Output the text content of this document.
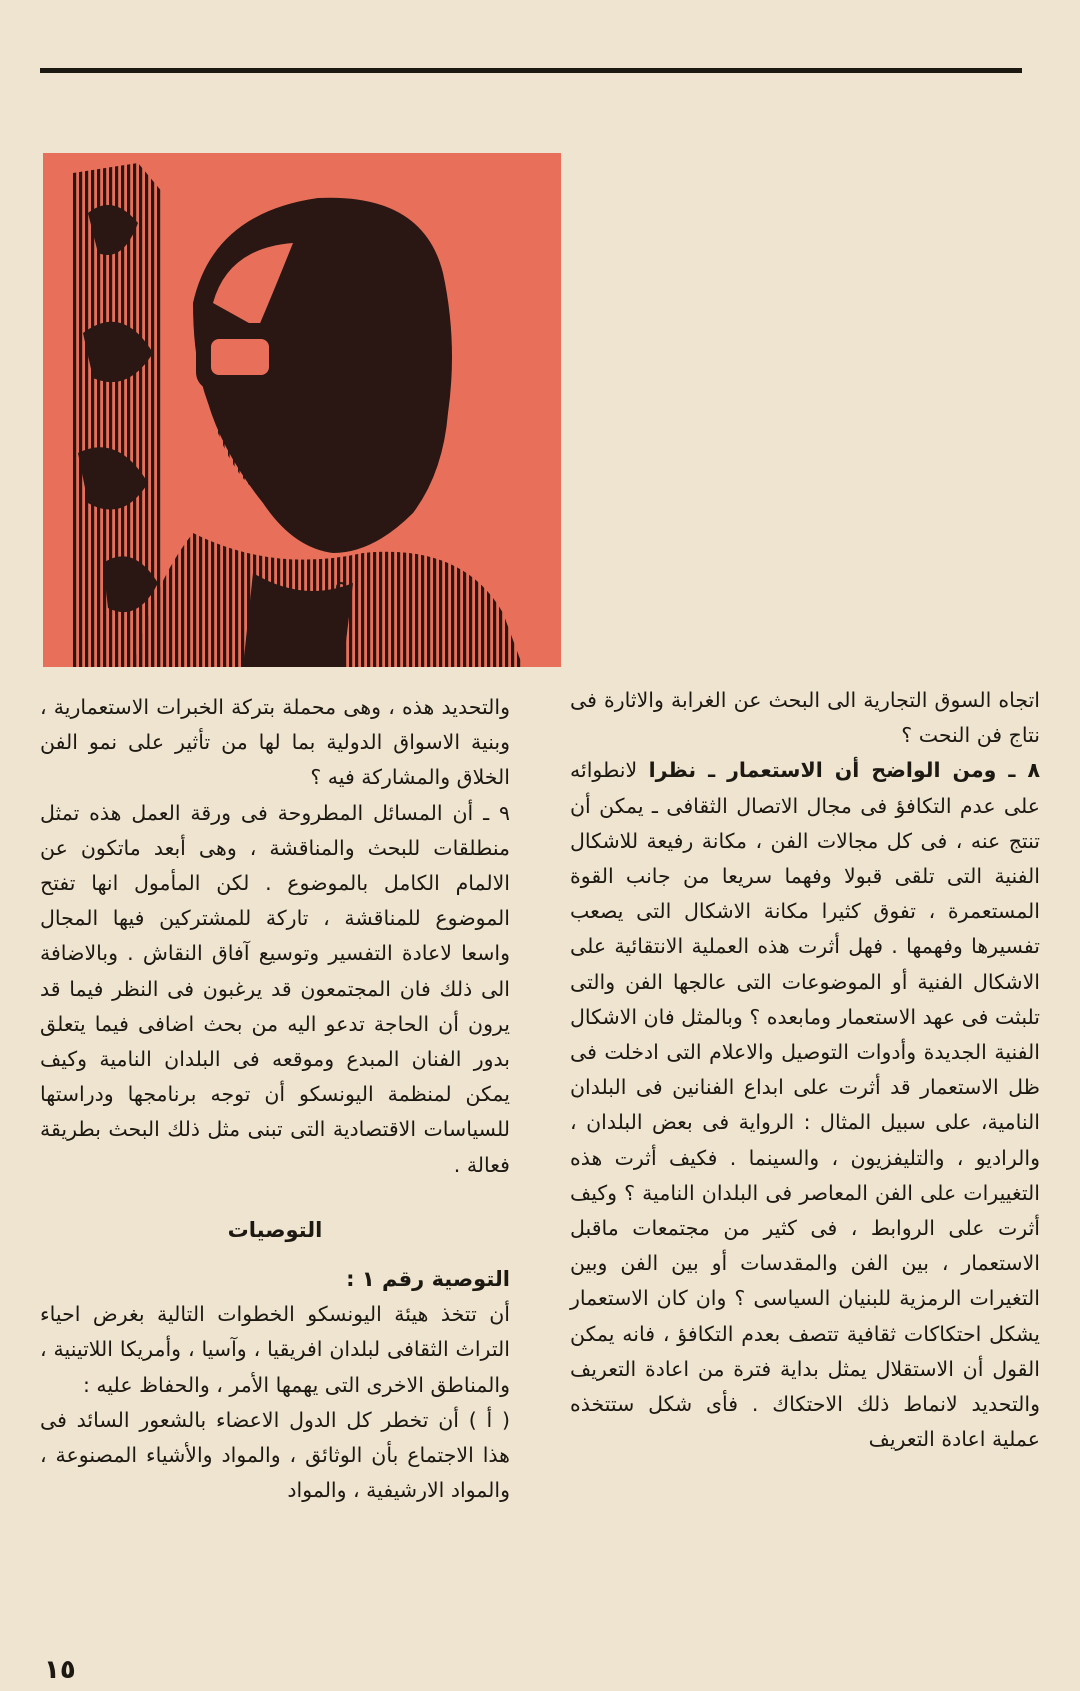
اتجاه السوق التجارية الى البحث عن الغرابة والاثارة فى نتاج فن النحت ؟

٨ ـ ومن الواضح أن الاستعمار ـ نظرا لانطوائه على عدم التكافؤ فى مجال الاتصال الثقافى ـ يمكن أن تنتج عنه ، فى كل مجالات الفن ، مكانة رفيعة للاشكال الفنية التى تلقى قبولا وفهما سريعا من جانب القوة المستعمرة ، تفوق كثيرا مكانة الاشكال التى يصعب تفسيرها وفهمها . فهل أثرت هذه العملية الانتقائية على الاشكال الفنية أو الموضوعات التى عالجها الفن والتى تلبثت فى عهد الاستعمار ومابعده ؟ وبالمثل فان الاشكال الفنية الجديدة وأدوات التوصيل والاعلام التى ادخلت فى ظل الاستعمار قد أثرت على ابداع الفنانين فى البلدان النامية، على سبيل المثال : الرواية فى بعض البلدان ، والراديو ، والتليفزيون ، والسينما . فكيف أثرت هذه التغييرات على الفن المعاصر فى البلدان النامية ؟ وكيف أثرت على الروابط ، فى كثير من مجتمعات ماقبل الاستعمار ، بين الفن والمقدسات أو بين الفن وبين التغيرات الرمزية للبنيان السياسى ؟ وان كان الاستعمار يشكل احتكاكات ثقافية تتصف بعدم التكافؤ ، فانه يمكن القول أن الاستقلال يمثل بداية فترة من اعادة التعريف والتحديد لانماط ذلك الاحتكاك . فأى شكل ستتخذه عملية اعادة التعريف

والتحديد هذه ، وهى محملة بتركة الخبرات الاستعمارية ، وبنية الاسواق الدولية بما لها من تأثير على نمو الفن الخلاق والمشاركة فيه ؟

٩ ـ أن المسائل المطروحة فى ورقة العمل هذه تمثل منطلقات للبحث والمناقشة ، وهى أبعد ماتكون عن الالمام الكامل بالموضوع . لكن المأمول انها تفتح الموضوع للمناقشة ، تاركة للمشتركين فيها المجال واسعا لاعادة التفسير وتوسيع آفاق النقاش . وبالاضافة الى ذلك فان المجتمعون قد يرغبون فى النظر فيما قد يرون أن الحاجة تدعو اليه من بحث اضافى فيما يتعلق بدور الفنان المبدع وموقعه فى البلدان النامية وكيف يمكن لمنظمة اليونسكو أن توجه برنامجها ودراستها للسياسات الاقتصادية التى تبنى مثل ذلك البحث بطريقة فعالة .

التوصيات

التوصية رقم ١ :

أن تتخذ هيئة اليونسكو الخطوات التالية بغرض احياء التراث الثقافى لبلدان افريقيا ، وآسيا ، وأمريكا اللاتينية ، والمناطق الاخرى التى يهمها الأمر ، والحفاظ عليه :

( أ ) أن تخطر كل الدول الاعضاء بالشعور السائد فى هذا الاجتماع بأن الوثائق ، والمواد والأشياء المصنوعة ، والمواد الارشيفية ، والمواد

١٥
